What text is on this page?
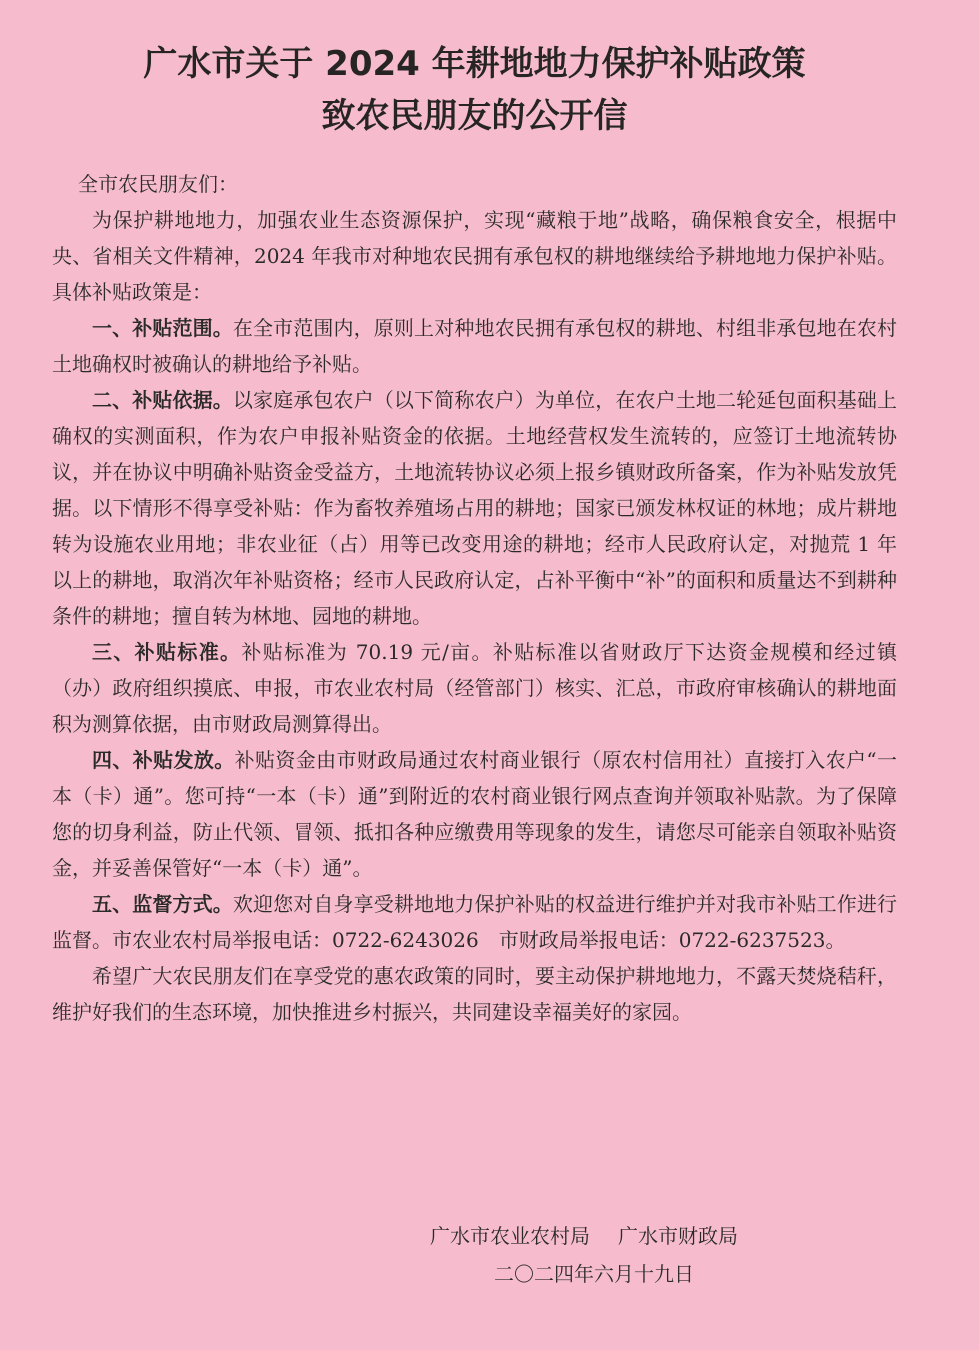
广水市关于 2024 年耕地地力保护补贴政策
致农民朋友的公开信

全市农民朋友们：

为保护耕地地力，加强农业生态资源保护，实现“藏粮于地”战略，确保粮食安全，根据中央、省相关文件精神，2024 年我市对种地农民拥有承包权的耕地继续给予耕地地力保护补贴。具体补贴政策是：

一、补贴范围。在全市范围内，原则上对种地农民拥有承包权的耕地、村组非承包地在农村土地确权时被确认的耕地给予补贴。

二、补贴依据。以家庭承包农户（以下简称农户）为单位，在农户土地二轮延包面积基础上确权的实测面积，作为农户申报补贴资金的依据。土地经营权发生流转的，应签订土地流转协议，并在协议中明确补贴资金受益方，土地流转协议必须上报乡镇财政所备案，作为补贴发放凭据。以下情形不得享受补贴：作为畜牧养殖场占用的耕地；国家已颁发林权证的林地；成片耕地转为设施农业用地；非农业征（占）用等已改变用途的耕地；经市人民政府认定，对抛荒 1 年以上的耕地，取消次年补贴资格；经市人民政府认定，占补平衡中“补”的面积和质量达不到耕种条件的耕地；擅自转为林地、园地的耕地。

三、补贴标准。补贴标准为 70.19 元/亩。补贴标准以省财政厅下达资金规模和经过镇（办）政府组织摸底、申报，市农业农村局（经管部门）核实、汇总，市政府审核确认的耕地面积为测算依据，由市财政局测算得出。

四、补贴发放。补贴资金由市财政局通过农村商业银行（原农村信用社）直接打入农户“一本（卡）通”。您可持“一本（卡）通”到附近的农村商业银行网点查询并领取补贴款。为了保障您的切身利益，防止代领、冒领、抵扣各种应缴费用等现象的发生，请您尽可能亲自领取补贴资金，并妥善保管好“一本（卡）通”。

五、监督方式。欢迎您对自身享受耕地地力保护补贴的权益进行维护并对我市补贴工作进行监督。市农业农村局举报电话：0722-6243026　市财政局举报电话：0722-6237523。

希望广大农民朋友们在享受党的惠农政策的同时，要主动保护耕地地力，不露天焚烧秸秆，维护好我们的生态环境，加快推进乡村振兴，共同建设幸福美好的家园。

广水市农业农村局 广水市财政局
二〇二四年六月十九日
